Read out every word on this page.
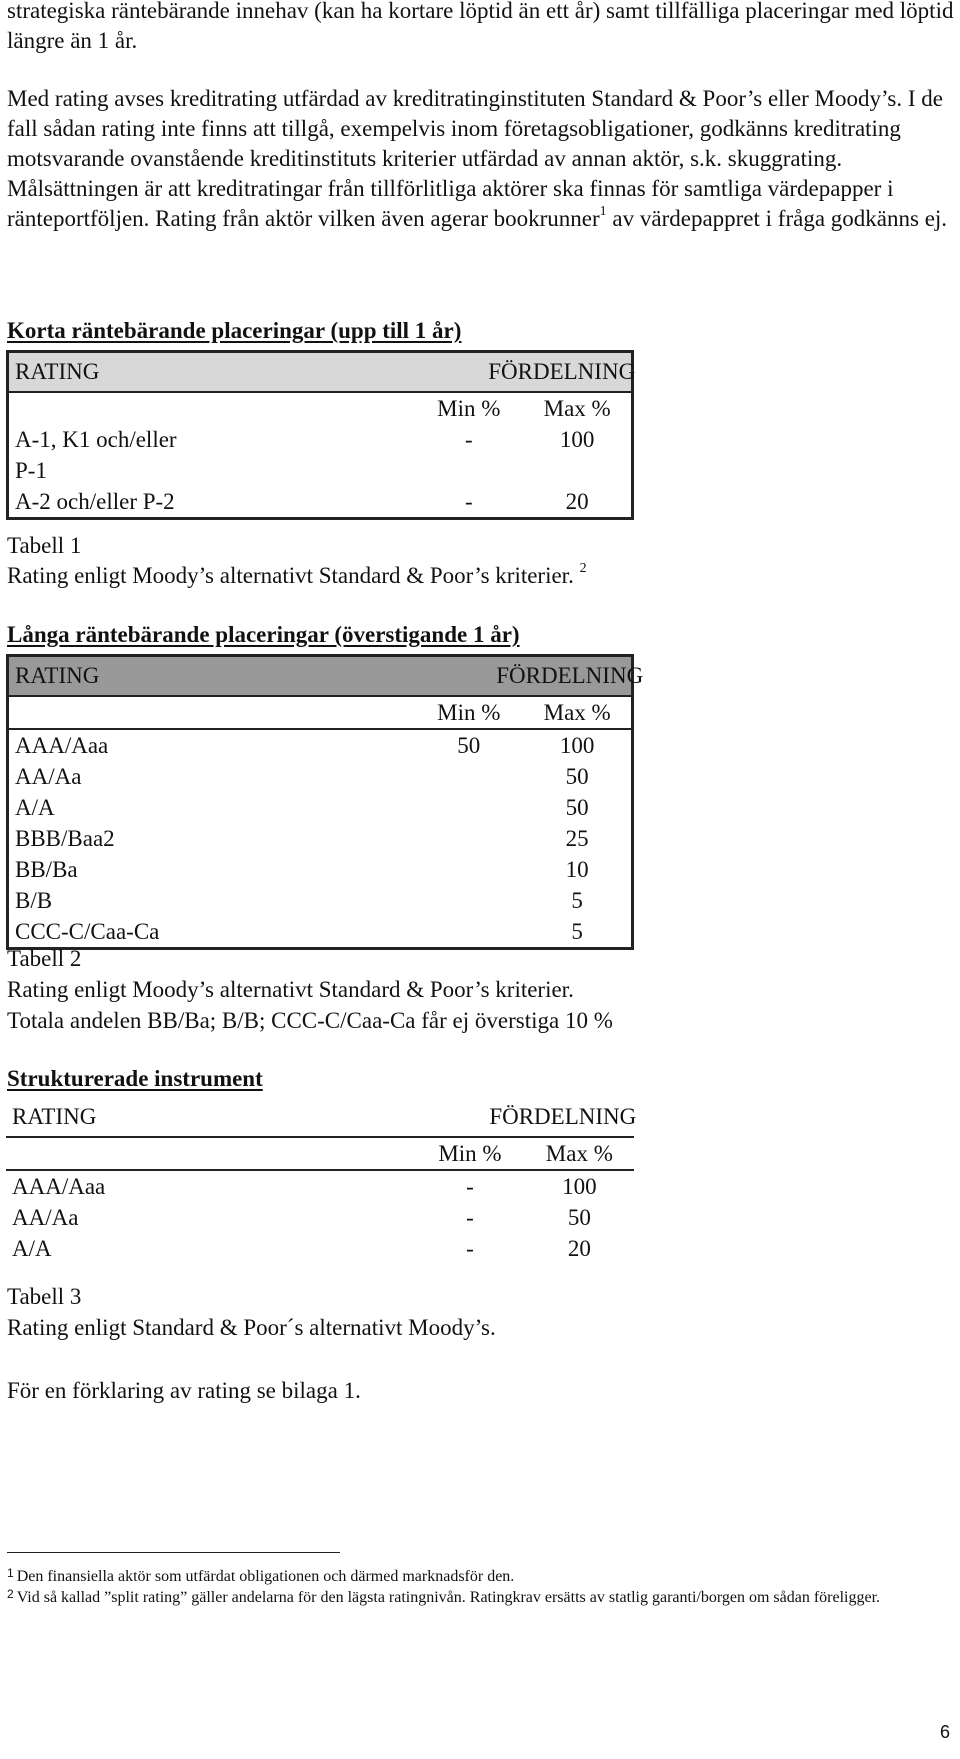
strategiska räntebärande innehav (kan ha kortare löptid än ett år) samt tillfälliga placeringar med löptid längre än 1 år.

Med rating avses kreditrating utfärdad av kreditratinginstituten Standard & Poor’s eller Moody’s. I de fall sådan rating inte finns att tillgå, exempelvis inom företagsobligationer, godkänns kreditrating motsvarande ovanstående kreditinstituts kriterier utfärdad av annan aktör, s.k. skuggrating. Målsättningen är att kreditratingar från tillförlitliga aktörer ska finnas för samtliga värdepapper i ränteportföljen. Rating från aktör vilken även agerar bookrunner$^1$ av värdepappret i fråga godkänns ej.

Korta räntebärande placeringar (upp till 1 år)

RATING	FÖRDELNING	
	Min %	Max %
A-1, K1 och/eller	-	100
P-1		
A-2 och/eller P-2	-	20

Tabell 1

Rating enligt Moody’s alternativt Standard & Poor’s kriterier. $^2$

Långa räntebärande placeringar (överstigande 1 år)

RATING	FÖRDELNING	
	Min %	Max %
AAA/Aaa	50	100
AA/Aa		50
A/A		50
BBB/Baa2		25
BB/Ba		10
B/B		5
CCC-C/Caa-Ca		5

Tabell 2

Rating enligt Moody’s alternativt Standard & Poor’s kriterier.

Totala andelen BB/Ba; B/B; CCC-C/Caa-Ca får ej överstiga 10 %

Strukturerade instrument

RATING	FÖRDELNING	
	Min %	Max %
AAA/Aaa	-	100
AA/Aa	-	50
A/A	-	20

Tabell 3

Rating enligt Standard & Poor´s alternativt Moody’s.

För en förklaring av rating se bilaga 1.

$^1$ Den finansiella aktör som utfärdat obligationen och därmed marknadsför den.

$^2$ Vid så kallad ”split rating” gäller andelarna för den lägsta ratingnivån. Ratingkrav ersätts av statlig garanti/borgen om sådan föreligger.

6
